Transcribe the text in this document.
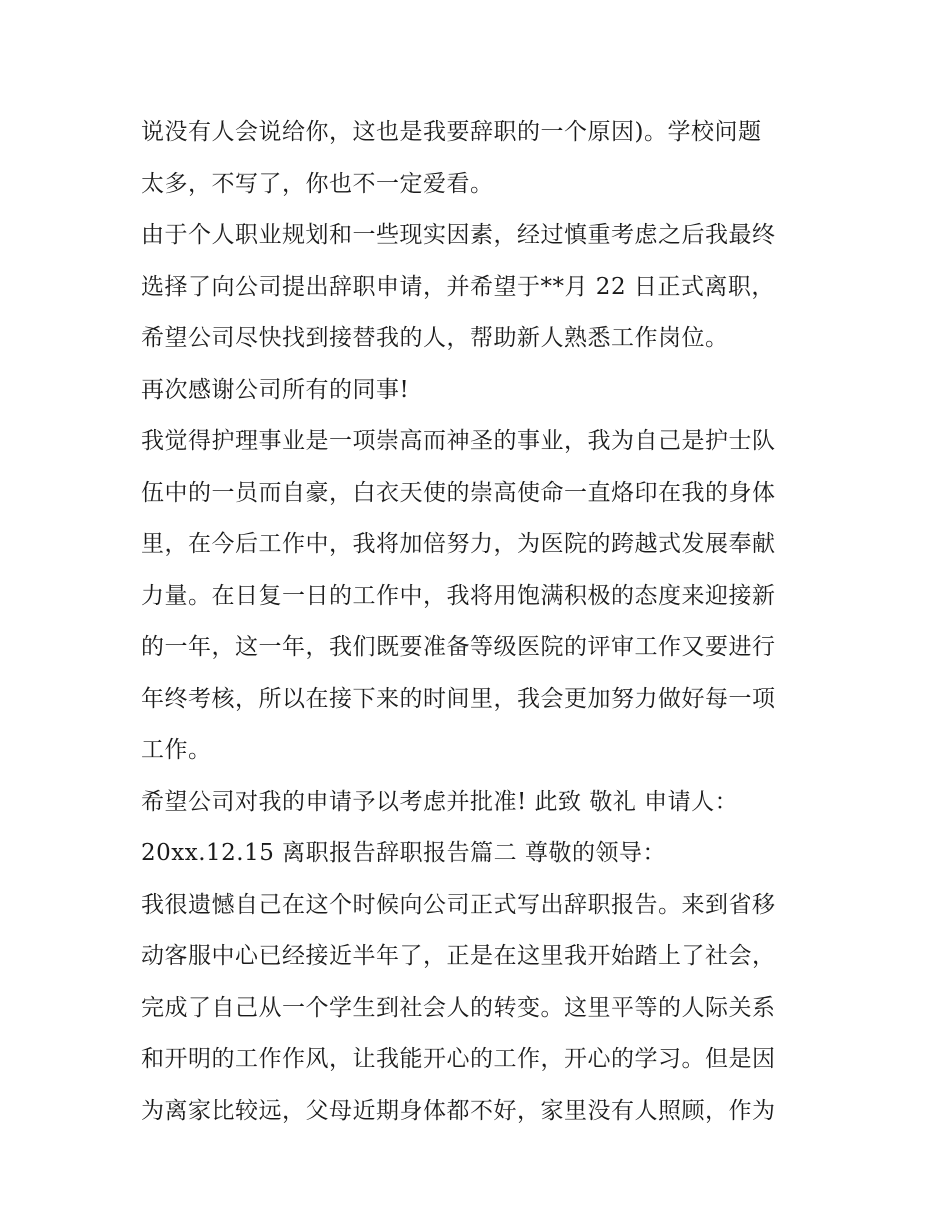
说没有人会说给你，这也是我要辞职的一个原因)。学校问题
太多，不写了，你也不一定爱看。
由于个人职业规划和一些现实因素，经过慎重考虑之后我最终
选择了向公司提出辞职申请，并希望于**月 22 日正式离职，
希望公司尽快找到接替我的人，帮助新人熟悉工作岗位。
再次感谢公司所有的同事!
我觉得护理事业是一项崇高而神圣的事业，我为自己是护士队
伍中的一员而自豪，白衣天使的崇高使命一直烙印在我的身体
里，在今后工作中，我将加倍努力，为医院的跨越式发展奉献
力量。在日复一日的工作中，我将用饱满积极的态度来迎接新
的一年，这一年，我们既要准备等级医院的评审工作又要进行
年终考核，所以在接下来的时间里，我会更加努力做好每一项
工作。
希望公司对我的申请予以考虑并批准! 此致 敬礼 申请人：
20xx.12.15 离职报告辞职报告篇二 尊敬的领导：
我很遗憾自己在这个时候向公司正式写出辞职报告。来到省移
动客服中心已经接近半年了，正是在这里我开始踏上了社会，
完成了自己从一个学生到社会人的转变。这里平等的人际关系
和开明的工作作风，让我能开心的工作，开心的学习。但是因
为离家比较远，父母近期身体都不好，家里没有人照顾，作为
